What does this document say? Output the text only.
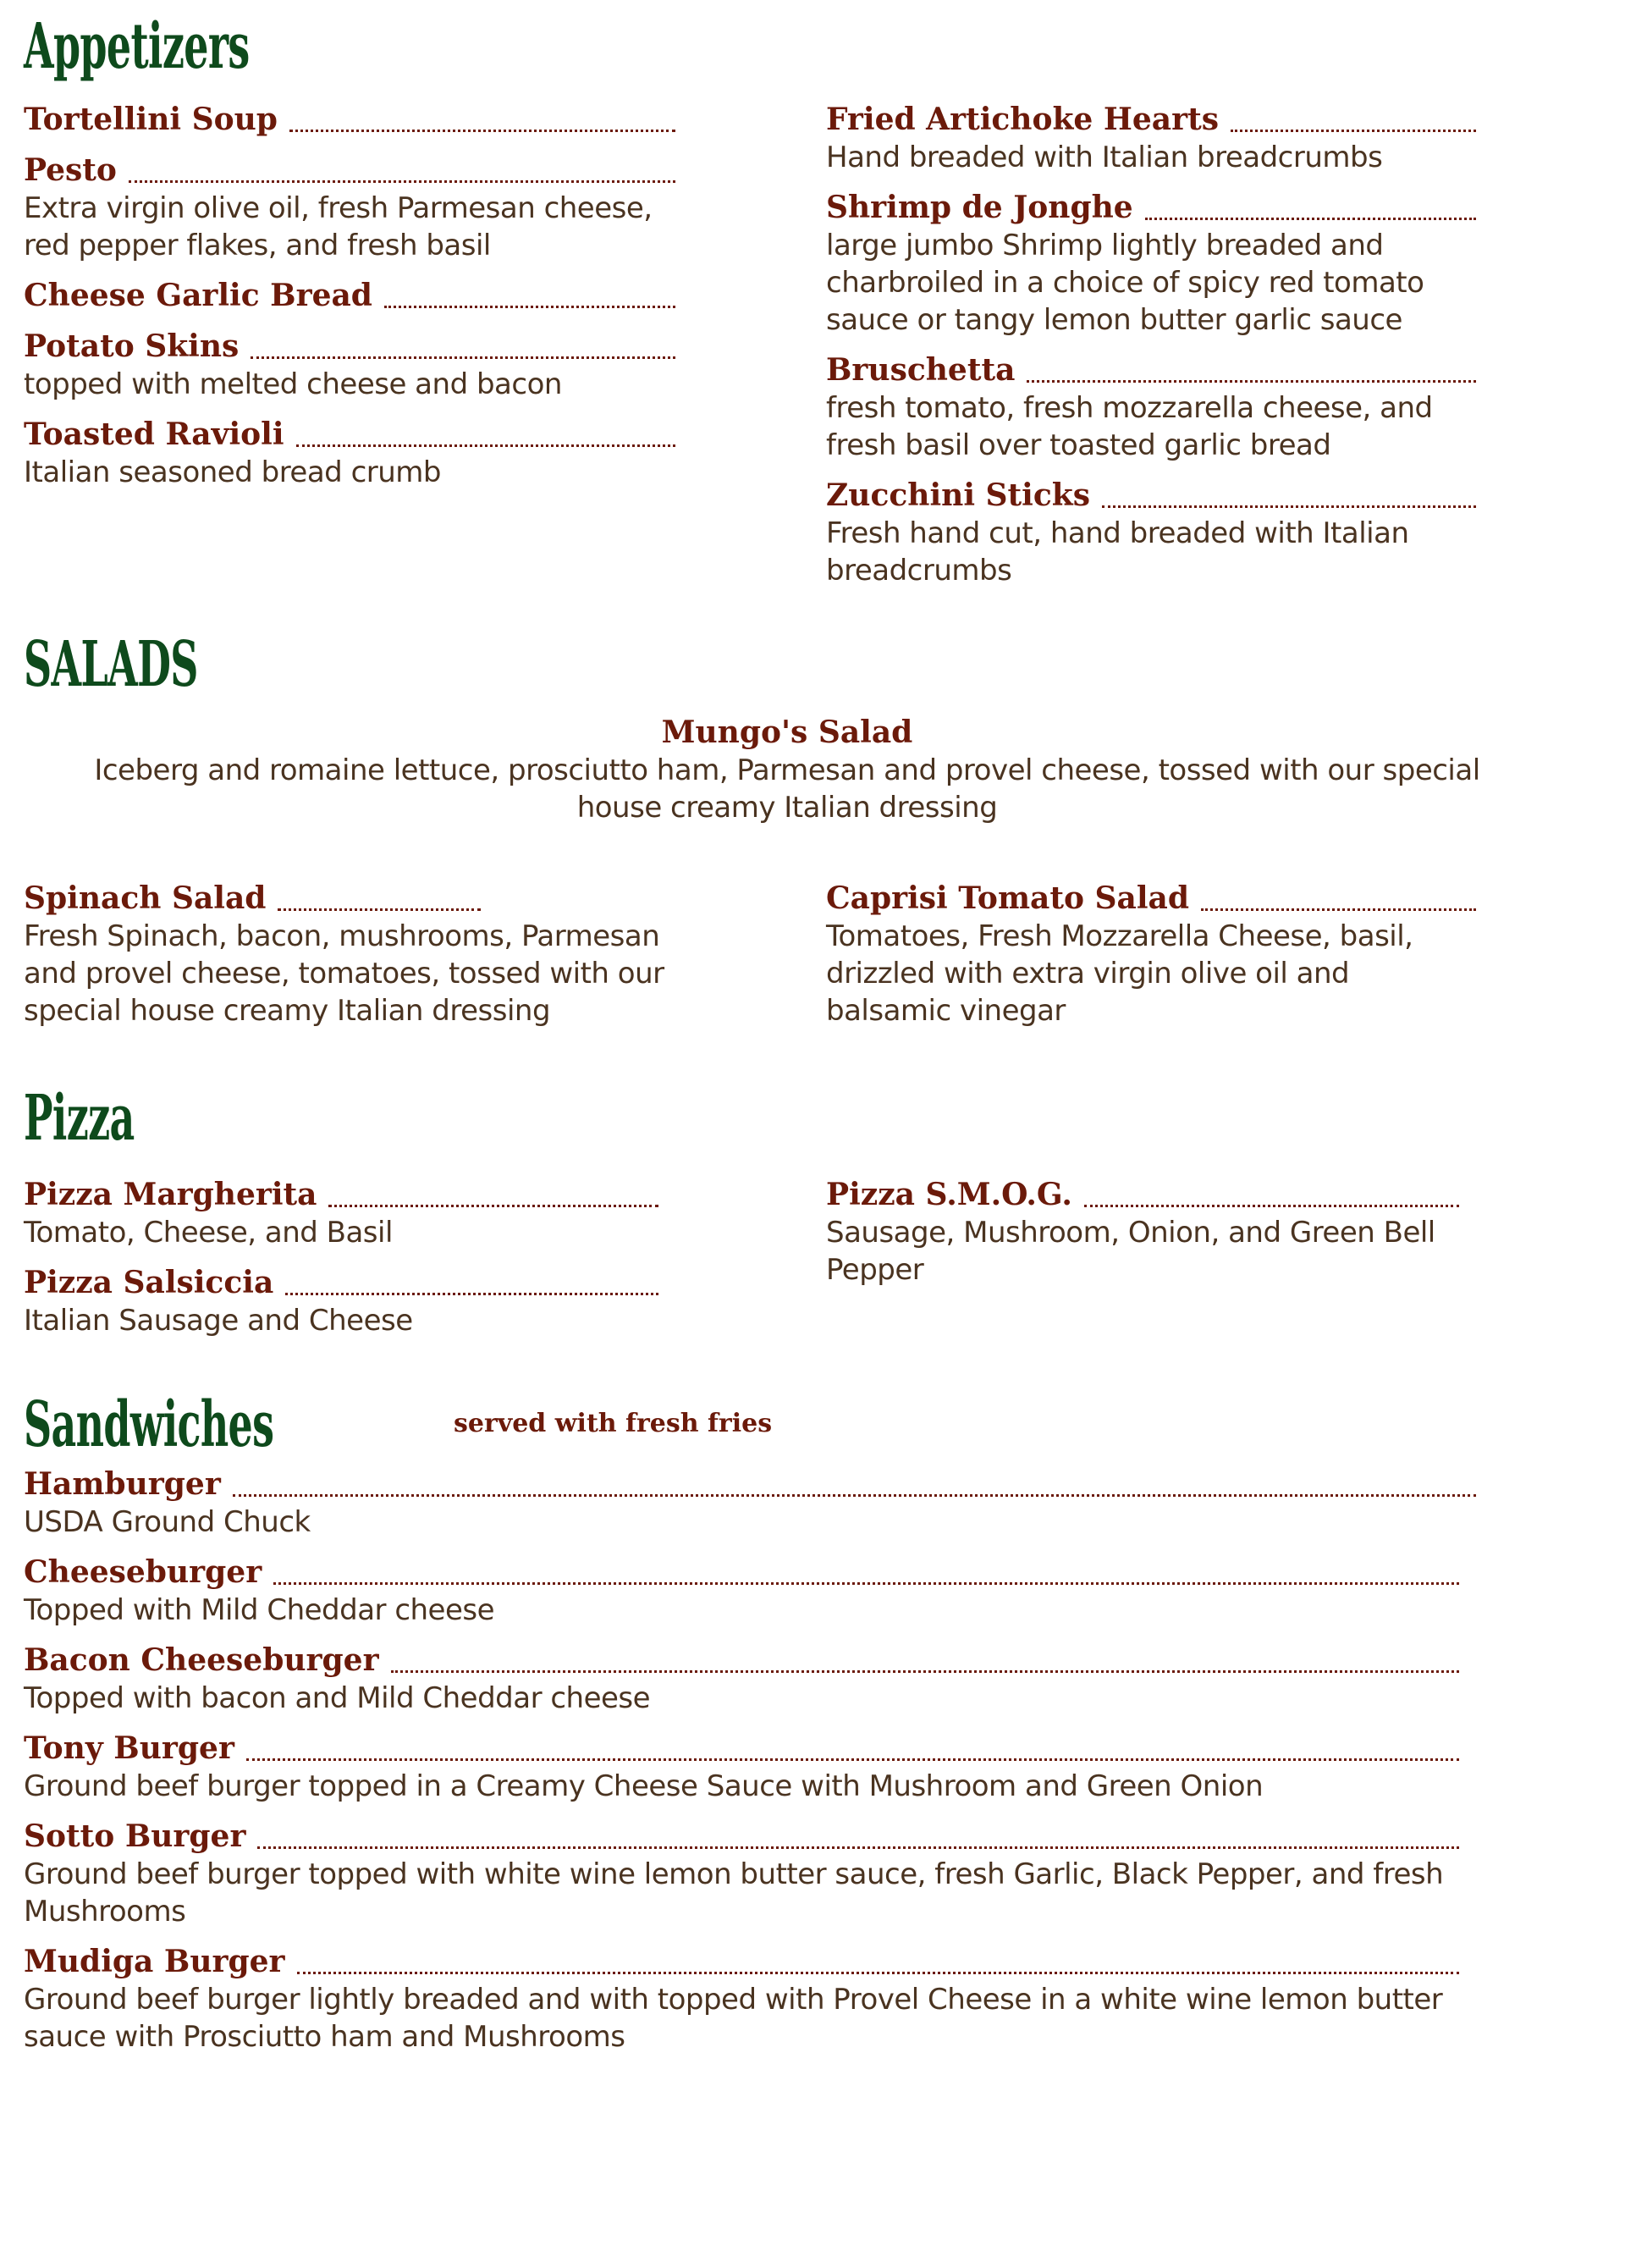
Appetizers
Tortellini Soup
Pesto
Extra virgin olive oil, fresh Parmesan cheese, red pepper flakes, and fresh basil
Cheese Garlic Bread
Potato Skins
topped with melted cheese and bacon
Toasted Ravioli
Italian seasoned bread crumb
Fried Artichoke Hearts
Hand breaded with Italian breadcrumbs
Shrimp de Jonghe
large jumbo Shrimp lightly breaded and charbroiled in a choice of spicy red tomato sauce or tangy lemon butter garlic sauce
Bruschetta
fresh tomato, fresh mozzarella cheese, and fresh basil over toasted garlic bread
Zucchini Sticks
Fresh hand cut, hand breaded with Italian breadcrumbs
SALADS
Mungo's Salad
Iceberg and romaine lettuce, prosciutto ham, Parmesan and provel cheese, tossed with our special house creamy Italian dressing
Spinach Salad
Fresh Spinach, bacon, mushrooms, Parmesan and provel cheese, tomatoes, tossed with our special house creamy Italian dressing
Caprisi Tomato Salad
Tomatoes, Fresh Mozzarella Cheese, basil, drizzled with extra virgin olive oil and balsamic vinegar
Pizza
Pizza Margherita
Tomato, Cheese, and Basil
Pizza Salsiccia
Italian Sausage and Cheese
Pizza S.M.O.G.
Sausage, Mushroom, Onion, and Green Bell Pepper
Sandwiches	served with fresh fries
Hamburger
USDA Ground Chuck
Cheeseburger
Topped with Mild Cheddar cheese
Bacon Cheeseburger
Topped with bacon and Mild Cheddar cheese
Tony Burger
Ground beef burger topped in a Creamy Cheese Sauce with Mushroom and Green Onion
Sotto Burger
Ground beef burger topped with white wine lemon butter sauce, fresh Garlic, Black Pepper, and fresh Mushrooms
Mudiga Burger
Ground beef burger lightly breaded and with topped with Provel Cheese in a white wine lemon butter sauce with Prosciutto ham and Mushrooms
